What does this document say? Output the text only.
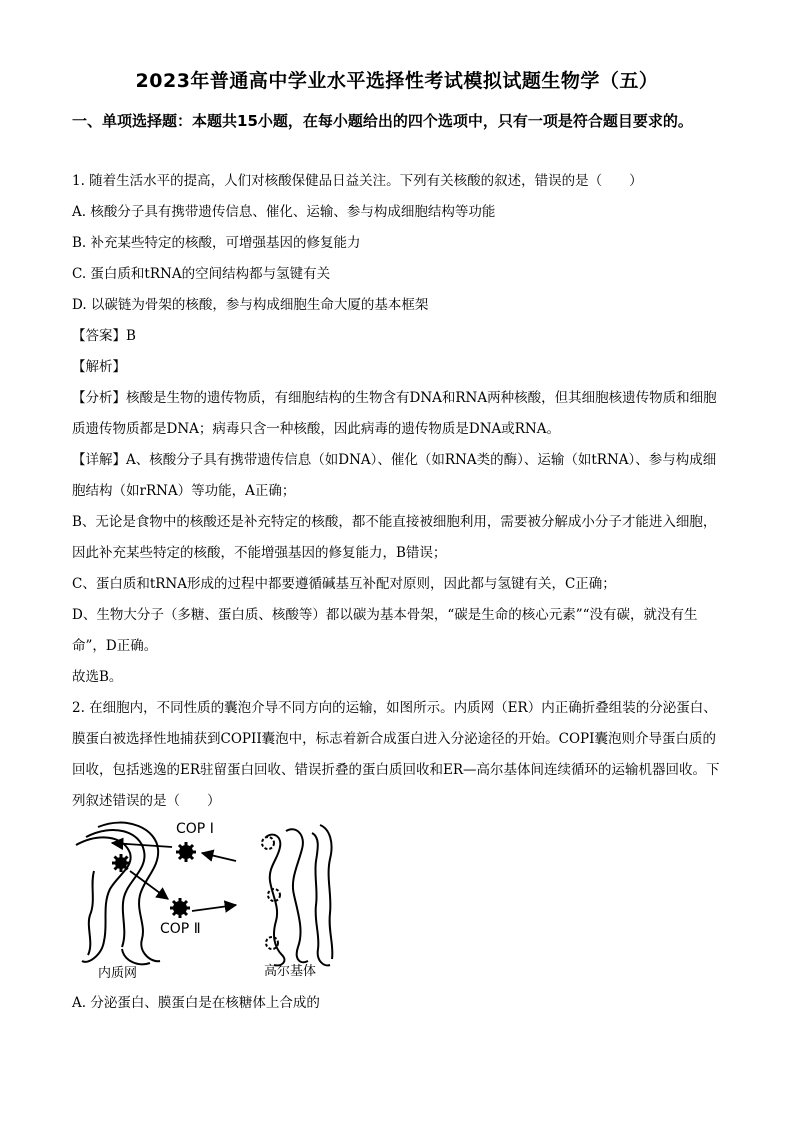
2023年普通高中学业水平选择性考试模拟试题生物学（五）
一、单项选择题：本题共15小题，在每小题给出的四个选项中，只有一项是符合题目要求的。
1. 随着生活水平的提高，人们对核酸保健品日益关注。下列有关核酸的叙述，错误的是（　　）
A. 核酸分子具有携带遗传信息、催化、运输、参与构成细胞结构等功能
B. 补充某些特定的核酸，可增强基因的修复能力
C. 蛋白质和tRNA的空间结构都与氢键有关
D. 以碳链为骨架的核酸，参与构成细胞生命大厦的基本框架
【答案】B
【解析】
【分析】核酸是生物的遗传物质，有细胞结构的生物含有DNA和RNA两种核酸，但其细胞核遗传物质和细胞质遗传物质都是DNA；病毒只含一种核酸，因此病毒的遗传物质是DNA或RNA。
【详解】A、核酸分子具有携带遗传信息（如DNA）、催化（如RNA类的酶）、运输（如tRNA）、参与构成细胞结构（如rRNA）等功能，A正确；
B、无论是食物中的核酸还是补充特定的核酸，都不能直接被细胞利用，需要被分解成小分子才能进入细胞，因此补充某些特定的核酸，不能增强基因的修复能力，B错误；
C、蛋白质和tRNA形成的过程中都要遵循碱基互补配对原则，因此都与氢键有关，C正确；
D、生物大分子（多糖、蛋白质、核酸等）都以碳为基本骨架，“碳是生命的核心元素”“没有碳，就没有生命”，D正确。
故选B。
2. 在细胞内，不同性质的囊泡介导不同方向的运输，如图所示。内质网（ER）内正确折叠组装的分泌蛋白、膜蛋白被选择性地捕获到COPII囊泡中，标志着新合成蛋白进入分泌途径的开始。COPI囊泡则介导蛋白质的回收，包括逃逸的ER驻留蛋白回收、错误折叠的蛋白质回收和ER—高尔基体间连续循环的运输机器回收。下列叙述错误的是（　　）
COP Ⅰ
COP Ⅱ
内质网	高尔基体
A. 分泌蛋白、膜蛋白是在核糖体上合成的
